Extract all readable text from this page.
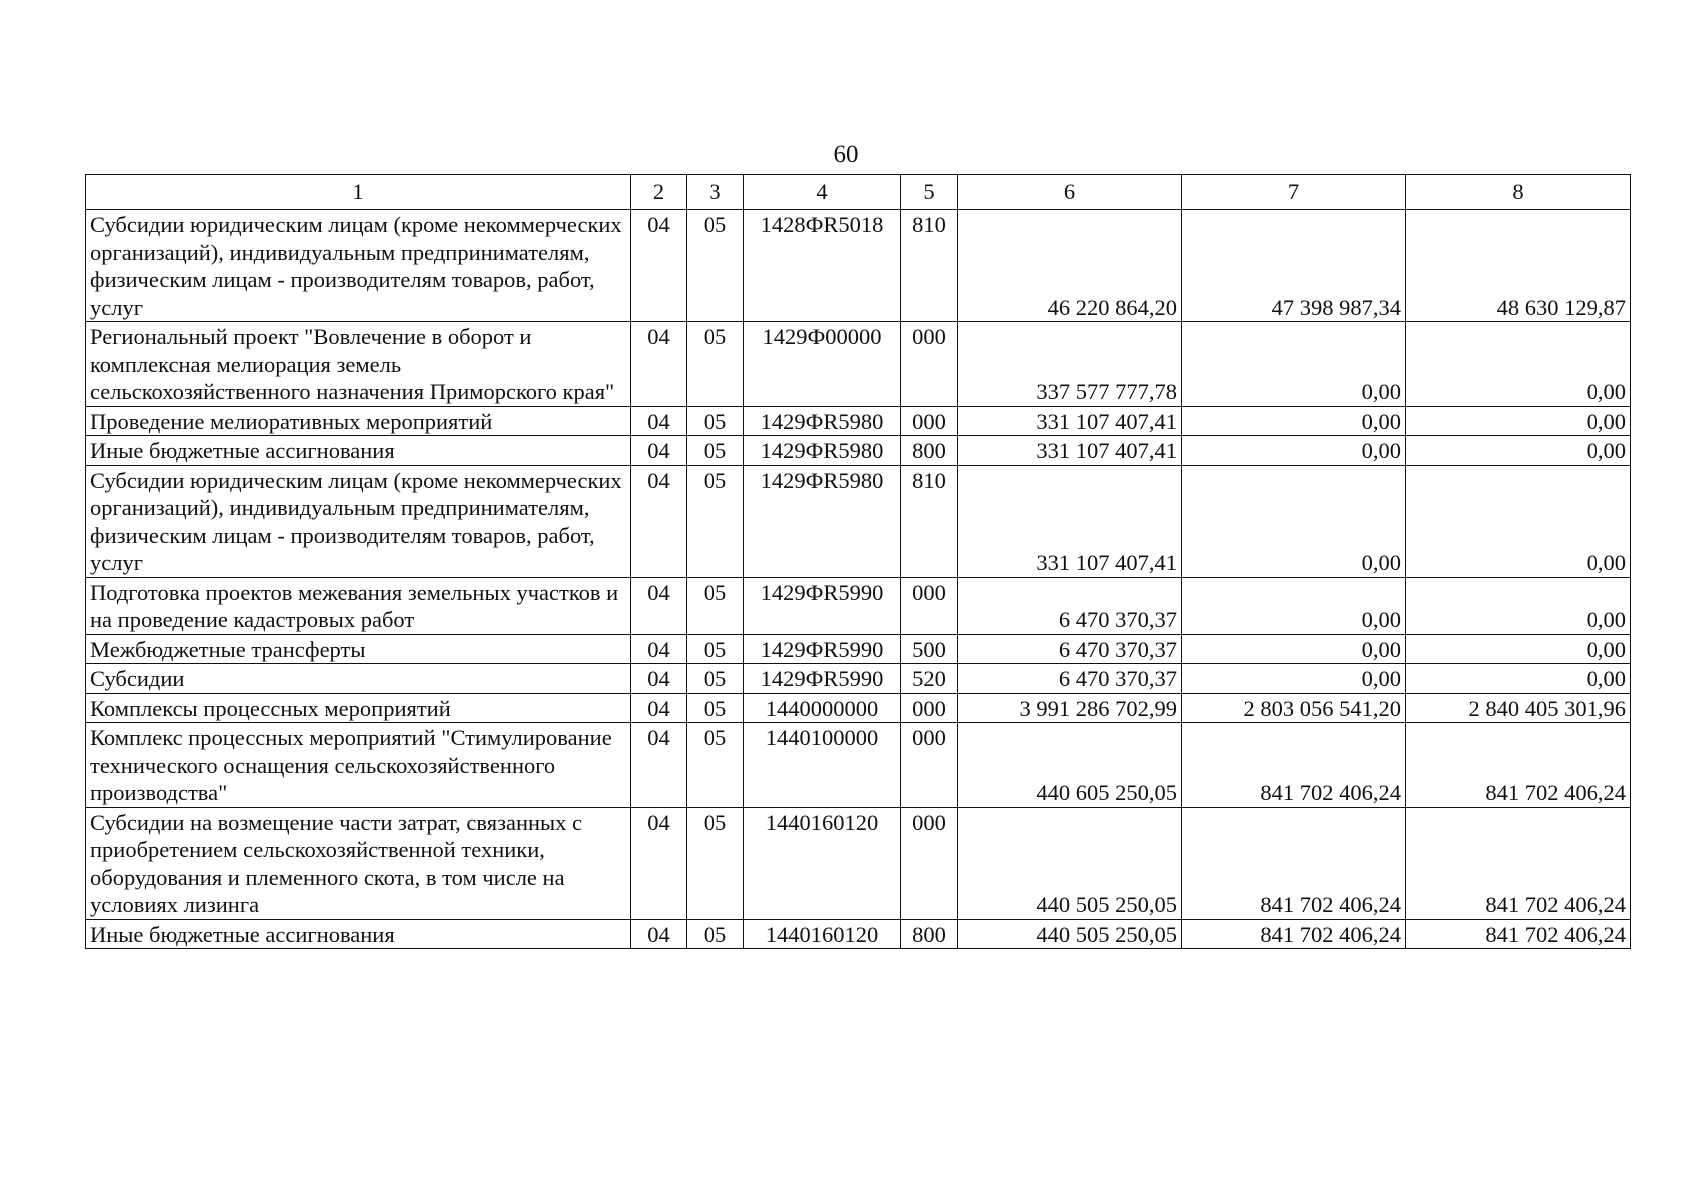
60
1	2	3	4	5	6	7	8
Субсидии юридическим лицам (кроме некоммерческих организаций), индивидуальным предпринимателям, физическим лицам - производителям товаров, работ, услуг	04	05	1428ФR5018	810	46 220 864,20	47 398 987,34	48 630 129,87
Региональный проект "Вовлечение в оборот и комплексная мелиорация земель сельскохозяйственного назначения Приморского края"	04	05	1429Ф00000	000	337 577 777,78	0,00	0,00
Проведение мелиоративных мероприятий	04	05	1429ФR5980	000	331 107 407,41	0,00	0,00
Иные бюджетные ассигнования	04	05	1429ФR5980	800	331 107 407,41	0,00	0,00
Субсидии юридическим лицам (кроме некоммерческих организаций), индивидуальным предпринимателям, физическим лицам - производителям товаров, работ, услуг	04	05	1429ФR5980	810	331 107 407,41	0,00	0,00
Подготовка проектов межевания земельных участков и на проведение кадастровых работ	04	05	1429ФR5990	000	6 470 370,37	0,00	0,00
Межбюджетные трансферты	04	05	1429ФR5990	500	6 470 370,37	0,00	0,00
Субсидии	04	05	1429ФR5990	520	6 470 370,37	0,00	0,00
Комплексы процессных мероприятий	04	05	1440000000	000	3 991 286 702,99	2 803 056 541,20	2 840 405 301,96
Комплекс процессных мероприятий "Стимулирование технического оснащения сельскохозяйственного производства"	04	05	1440100000	000	440 605 250,05	841 702 406,24	841 702 406,24
Субсидии на возмещение части затрат, связанных с приобретением сельскохозяйственной техники, оборудования и племенного скота, в том числе на условиях лизинга	04	05	1440160120	000	440 505 250,05	841 702 406,24	841 702 406,24
Иные бюджетные ассигнования	04	05	1440160120	800	440 505 250,05	841 702 406,24	841 702 406,24
